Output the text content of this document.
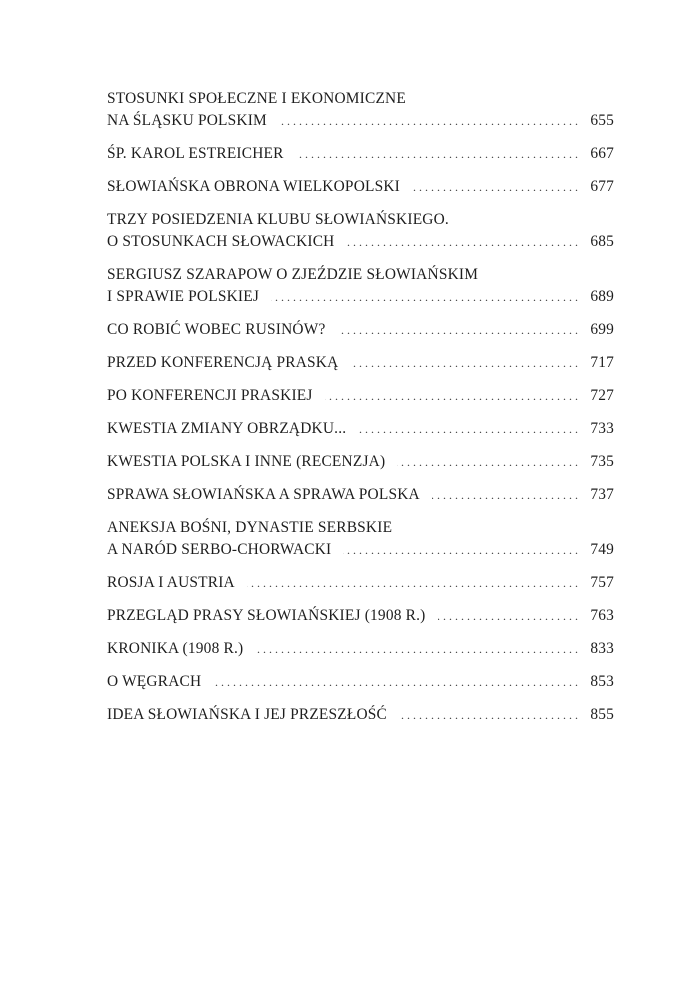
STOSUNKI SPOŁECZNE I EKONOMICZNE
NA ŚLĄSKU POLSKIM . . .	655
ŚP. KAROL ESTREICHER . . .	667
SŁOWIAŃSKA OBRONA WIELKOPOLSKI . . .	677
TRZY POSIEDZENIA KLUBU SŁOWIAŃSKIEGO.
O STOSUNKACH SŁOWACKICH . . .	685
SERGIUSZ SZARAPOW O ZJEŹDZIE SŁOWIAŃSKIM
I SPRAWIE POLSKIEJ . . .	689
CO ROBIĆ WOBEC RUSINÓW? . . .	699
PRZED KONFERENCJĄ PRASKĄ . . .	717
PO KONFERENCJI PRASKIEJ . . .	727
KWESTIA ZMIANY OBRZĄDKU... . . .	733
KWESTIA POLSKA I INNE (RECENZJA) . . .	735
SPRAWA SŁOWIAŃSKA A SPRAWA POLSKA . . .	737
ANEKSJA BOŚNI, DYNASTIE SERBSKIE
A NARÓD SERBO-CHORWACKI . . .	749
ROSJA I AUSTRIA . . .	757
PRZEGLĄD PRASY SŁOWIAŃSKIEJ (1908 R.) . . .	763
KRONIKA (1908 R.) . . .	833
O WĘGRACH . . .	853
IDEA SŁOWIAŃSKA I JEJ PRZESZŁOŚĆ . . .	855
